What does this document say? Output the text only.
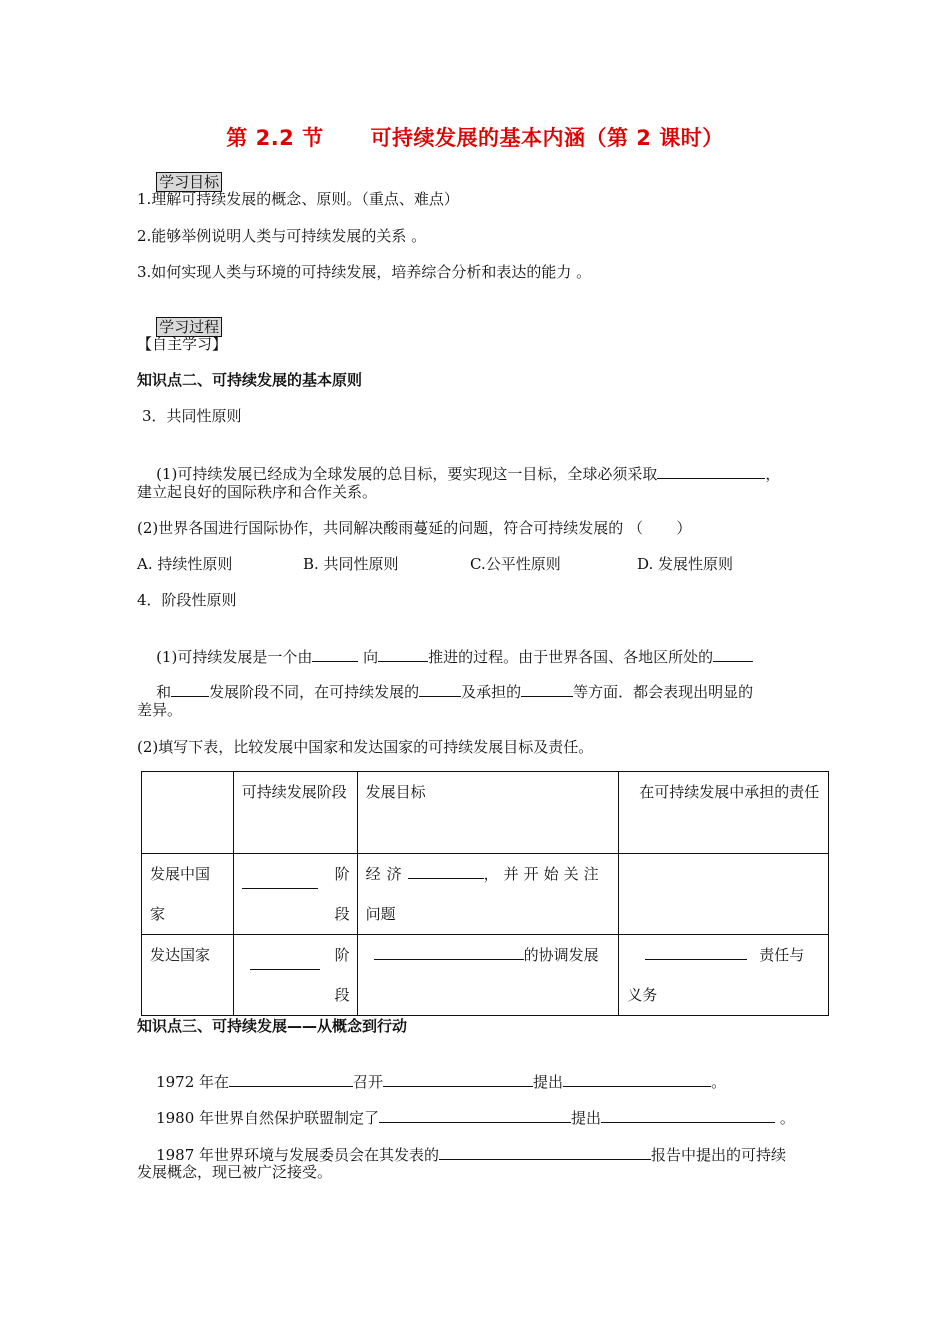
第 2.2 节      可持续发展的基本内涵（第 2 课时）

学习目标

1.理解可持续发展的概念、原则。（重点、难点）
2.能够举例说明人类与可持续发展的关系 。
3.如何实现人类与环境的可持续发展，培养综合分析和表达的能力 。

学习过程

【自主学习】
知识点二、可持续发展的基本原则
3．共同性原则

(1)可持续发展已经成为全球发展的总目标，要实现这一目标，全球必须采取	，

建立起良好的国际秩序和合作关系。
(2)世界各国进行国际协作，共同解决酸雨蔓延的问题，符合可持续发展的 （       ）

A. 持续性原则

	B. 共同性原则

	C.公平性原则

	D. 发展性原则

4．阶段性原则

(1)可持续发展是一个由	向	推进的过程。由于世界各国、各地区所处的

和	发展阶段不同，在可持续发展的	及承担的	等方面．都会表现出明显的

差异。
(2)填写下表，比较发展中国家和发达国家的可持续发展目标及责任。
	可持续发展阶段	发展目标	在可持续发展中承担的责任
发展中国家	阶段	经济 ，并开始关注
问题	

发达国家	阶段	的协调发展	责任与
义务
知识点三、可持续发展——从概念到行动

1972 年在	召开	提出	。

1980 年世界自然保护联盟制定了	提出	。

1987 年世界环境与发展委员会在其发表的	报告中提出的可持续

发展概念，现已被广泛接受。
